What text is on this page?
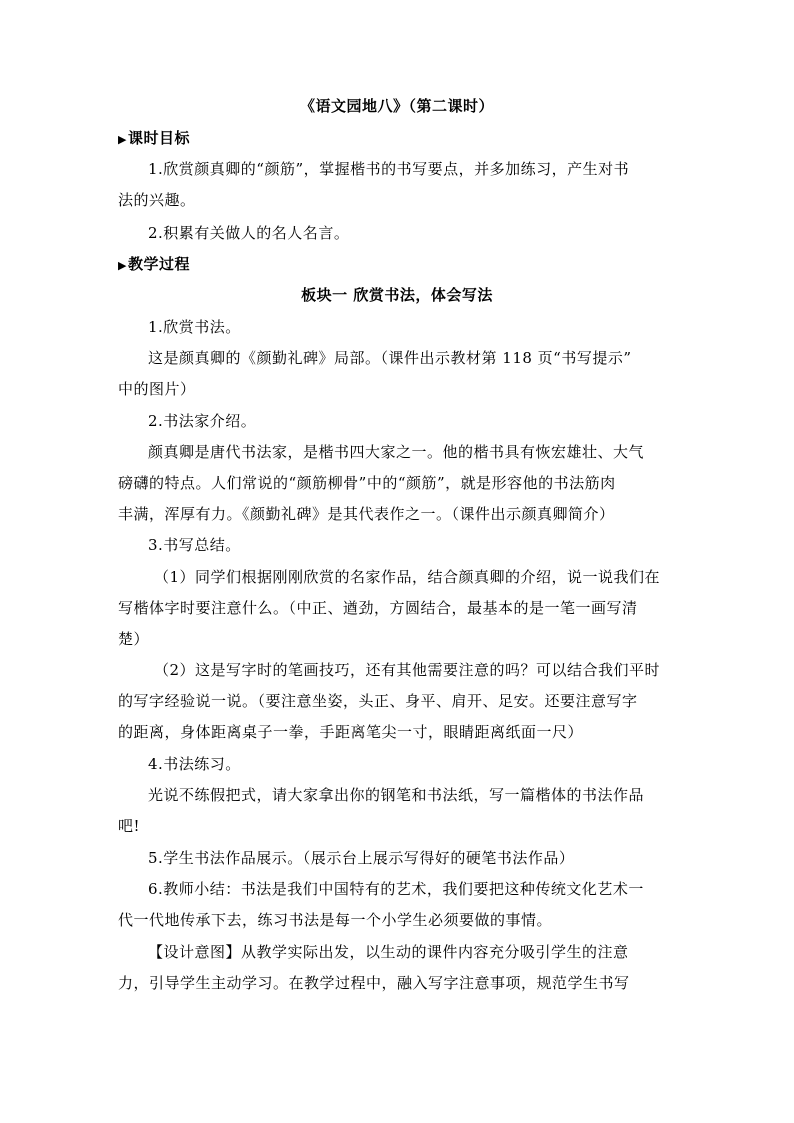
《语文园地八》（第二课时）
▶课时目标
1.欣赏颜真卿的“颜筋”，掌握楷书的书写要点，并多加练习，产生对书
法的兴趣。
2.积累有关做人的名人名言。
▶教学过程
板块一 欣赏书法，体会写法
1.欣赏书法。
这是颜真卿的《颜勤礼碑》局部。（课件出示教材第 118 页“书写提示”
中的图片）
2.书法家介绍。
颜真卿是唐代书法家，是楷书四大家之一。他的楷书具有恢宏雄壮、大气
磅礴的特点。人们常说的“颜筋柳骨”中的“颜筋”，就是形容他的书法筋肉
丰满，浑厚有力。《颜勤礼碑》是其代表作之一。（课件出示颜真卿简介）
3.书写总结。
（1）同学们根据刚刚欣赏的名家作品，结合颜真卿的介绍，说一说我们在
写楷体字时要注意什么。（中正、遒劲，方圆结合，最基本的是一笔一画写清
楚）
（2）这是写字时的笔画技巧，还有其他需要注意的吗？可以结合我们平时
的写字经验说一说。（要注意坐姿，头正、身平、肩开、足安。还要注意写字
的距离，身体距离桌子一拳，手距离笔尖一寸，眼睛距离纸面一尺）
4.书法练习。
光说不练假把式，请大家拿出你的钢笔和书法纸，写一篇楷体的书法作品
吧!
5.学生书法作品展示。（展示台上展示写得好的硬笔书法作品）
6.教师小结：书法是我们中国特有的艺术，我们要把这种传统文化艺术一
代一代地传承下去，练习书法是每一个小学生必须要做的事情。
【设计意图】从教学实际出发，以生动的课件内容充分吸引学生的注意
力，引导学生主动学习。在教学过程中，融入写字注意事项，规范学生书写
